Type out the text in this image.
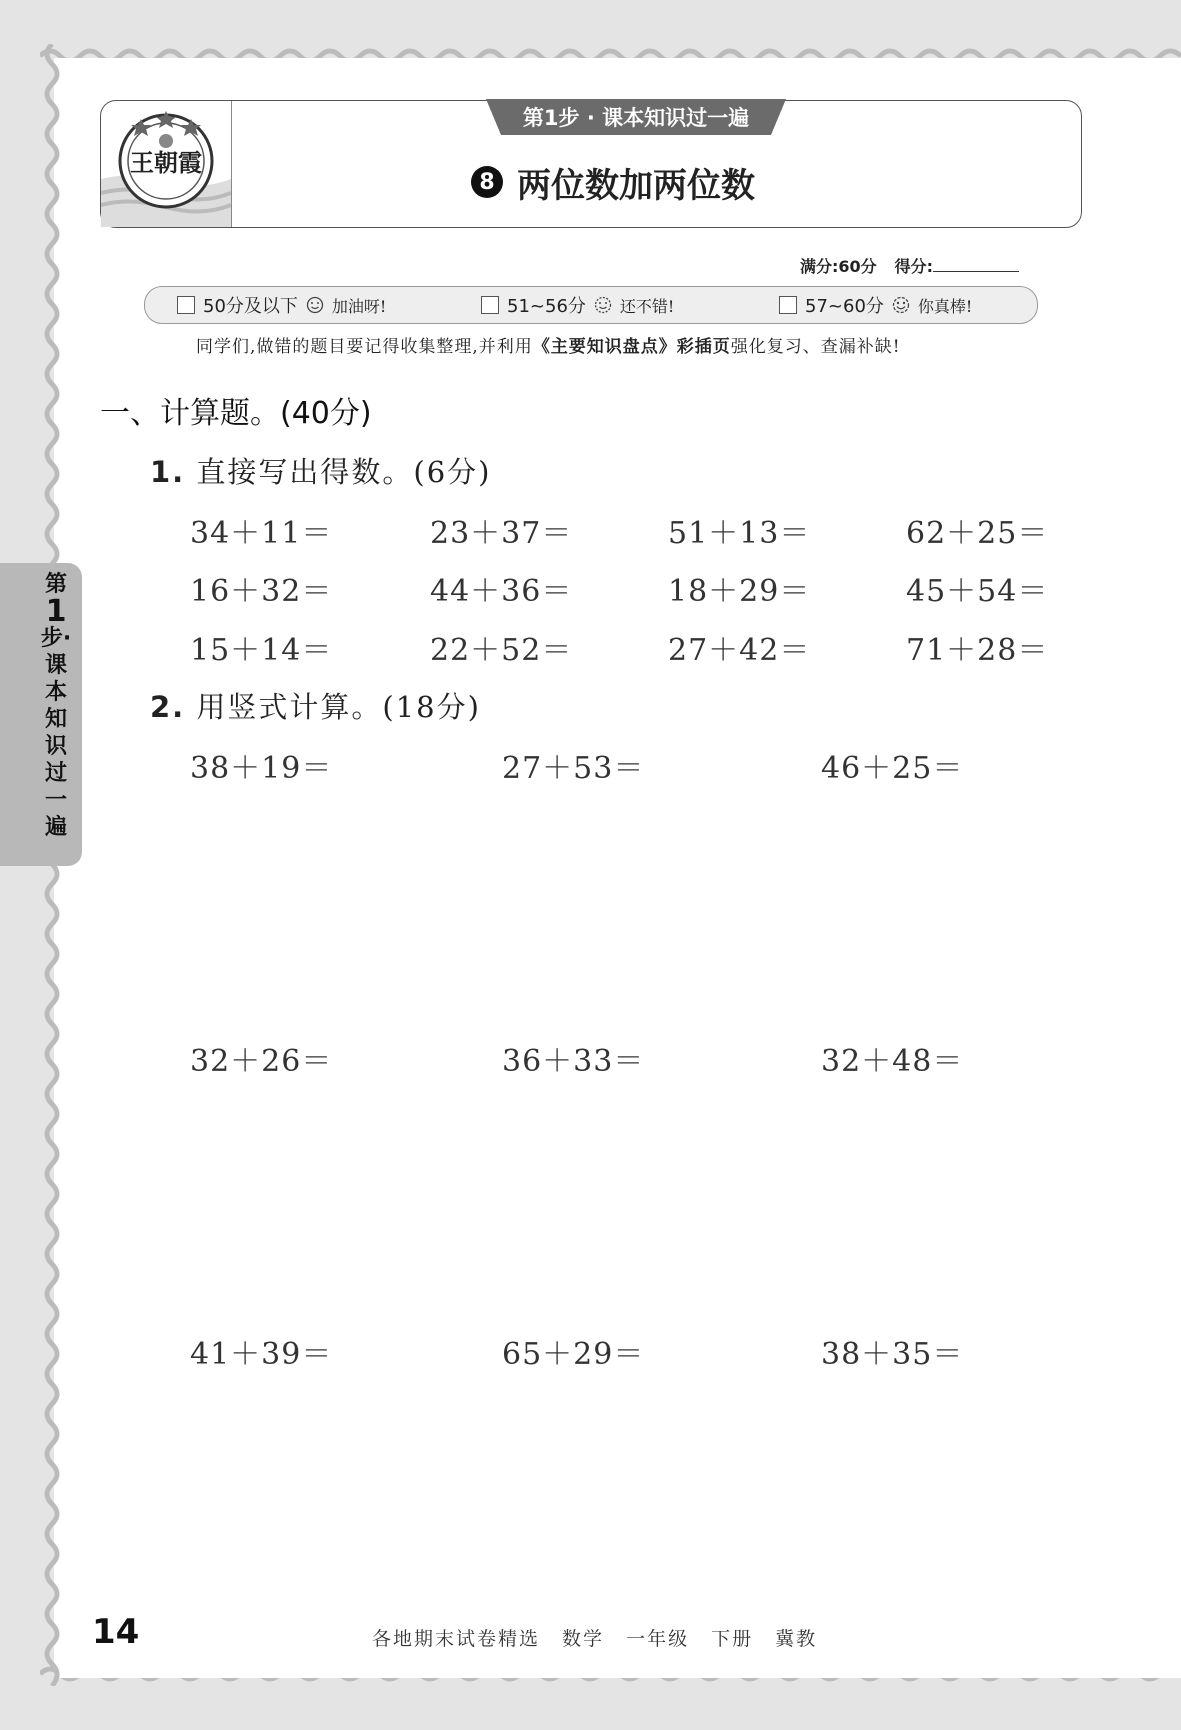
王朝霞
第1步 · 课本知识过一遍
8 两位数加两位数
满分:60分 得分:
50分及以下 加油呀!	51~56分 还不错!	57~60分 你真棒!
同学们,做错的题目要记得收集整理,并利用《主要知识盘点》彩插页强化复习、查漏补缺!
一、计算题。(40分)
1. 直接写出得数。(6分)
34＋11＝	23＋37＝	51＋13＝	62＋25＝
16＋32＝	44＋36＝	18＋29＝	45＋54＝
15＋14＝	22＋52＝	27＋42＝	71＋28＝
2. 用竖式计算。(18分)
38＋19＝	27＋53＝	46＋25＝
32＋26＝	36＋33＝	32＋48＝
41＋39＝	65＋29＝	38＋35＝
第
1
步·课本知识过一遍
14	各地期末试卷精选 数学 一年级 下册 冀教
